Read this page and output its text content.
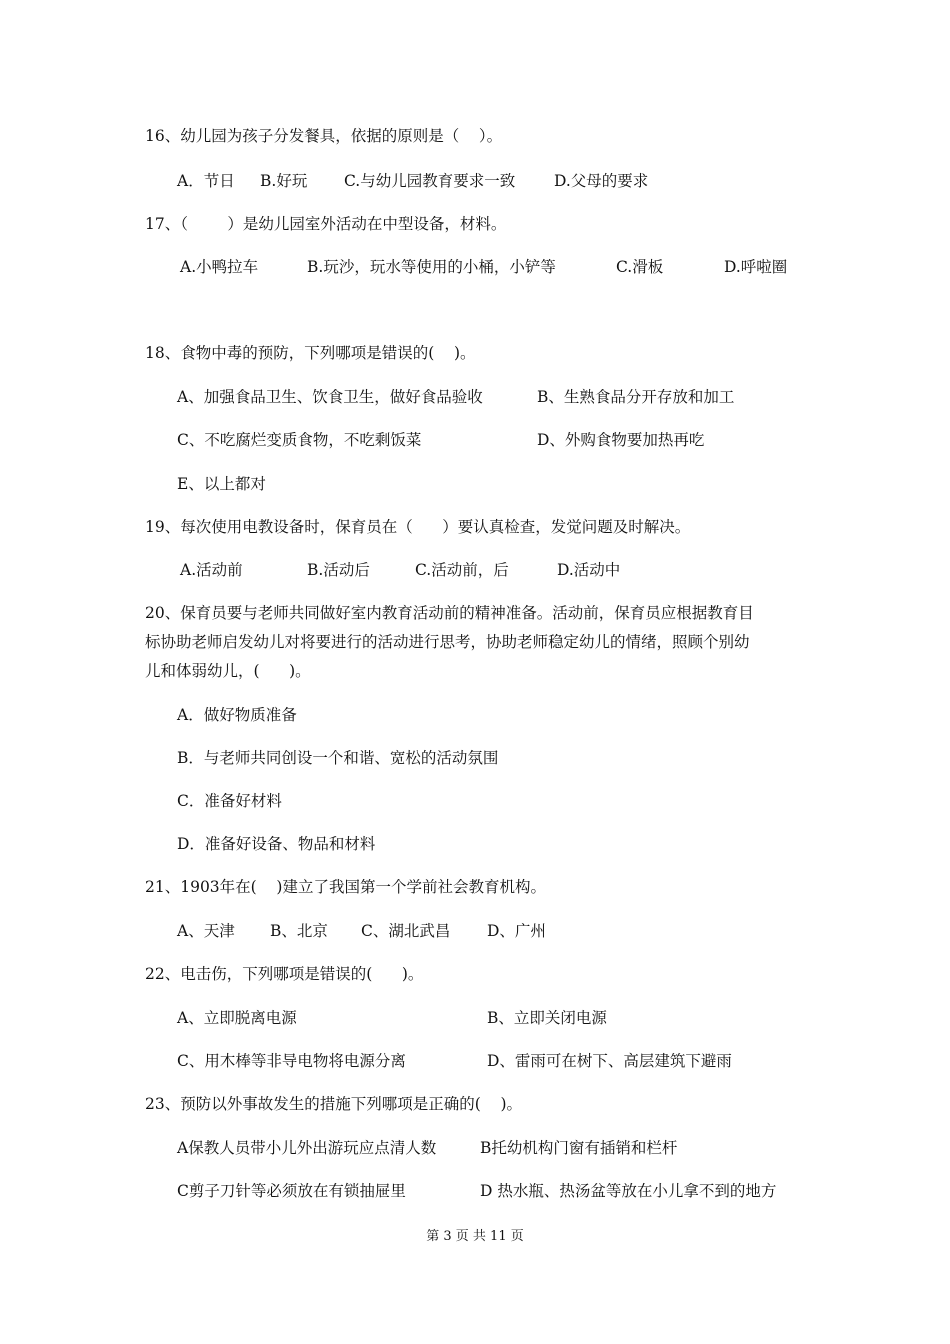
16、幼儿园为孩子分发餐具，依据的原则是（    ）。
A．节日 B.好玩 C.与幼儿园教育要求一致	D.父母的要求
17、（        ）是幼儿园室外活动在中型设备，材料。
A.小鸭拉车	B.玩沙，玩水等使用的小桶，小铲等	C.滑板	D.呼啦圈
18、食物中毒的预防，下列哪项是错误的(    )。
A、加强食品卫生、饮食卫生，做好食品验收	B、生熟食品分开存放和加工
C、不吃腐烂变质食物，不吃剩饭菜	D、外购食物要加热再吃
E、以上都对
19、每次使用电教设备时，保育员在（      ）要认真检查，发觉问题及时解决。
A.活动前	B.活动后	C.活动前，后	D.活动中
20、保育员要与老师共同做好室内教育活动前的精神准备。活动前，保育员应根据教育目
标协助老师启发幼儿对将要进行的活动进行思考，协助老师稳定幼儿的情绪，照顾个别幼
儿和体弱幼儿，(      )。
A．做好物质准备
B．与老师共同创设一个和谐、宽松的活动氛围
C．准备好材料
D．准备好设备、物品和材料
21、1903年在(    )建立了我国第一个学前社会教育机构。
A、天津 B、北京 C、湖北武昌 D、广州
22、电击伤，下列哪项是错误的(      )。
A、立即脱离电源	B、立即关闭电源
C、用木棒等非导电物将电源分离	D、雷雨可在树下、高层建筑下避雨
23、预防以外事故发生的措施下列哪项是正确的(    )。
A保教人员带小儿外出游玩应点清人数	B托幼机构门窗有插销和栏杆
C剪子刀针等必须放在有锁抽屉里	D 热水瓶、热汤盆等放在小儿拿不到的地方
第 3 页 共 11 页
